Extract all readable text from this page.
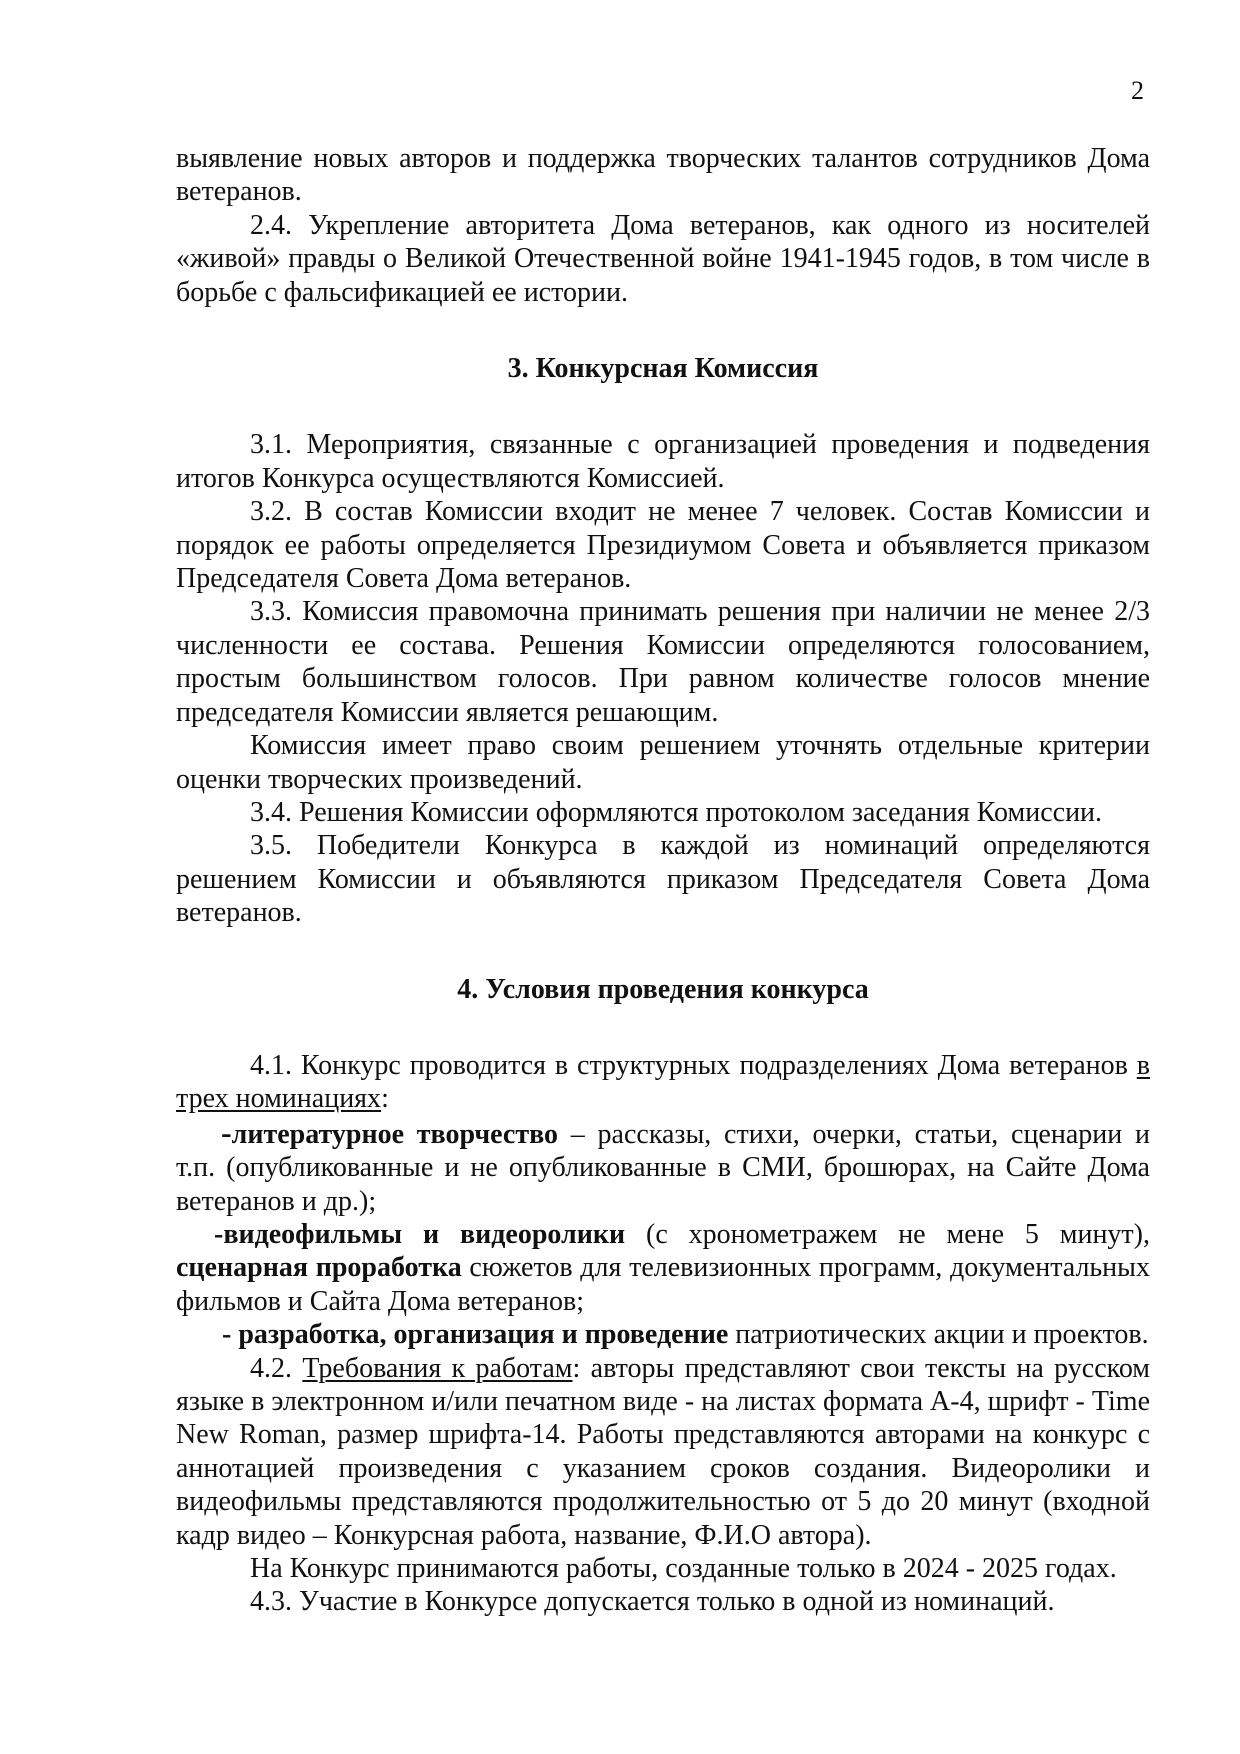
2

выявление новых авторов и поддержка творческих талантов сотрудников Дома ветеранов.

2.4. Укрепление авторитета Дома ветеранов, как одного из носителей «живой» правды о Великой Отечественной войне 1941-1945 годов, в том числе в борьбе с фальсификацией ее истории.

3. Конкурсная Комиссия

3.1. Мероприятия, связанные с организацией проведения и подведения итогов Конкурса осуществляются Комиссией.

3.2. В состав Комиссии входит не менее 7 человек. Состав Комиссии и порядок ее работы определяется Президиумом Совета и объявляется приказом Председателя Совета Дома ветеранов.

3.3. Комиссия правомочна принимать решения при наличии не менее 2/3 численности ее состава. Решения Комиссии определяются голосованием, простым большинством голосов. При равном количестве голосов мнение председателя Комиссии является решающим.

Комиссия имеет право своим решением уточнять отдельные критерии оценки творческих произведений.

3.4. Решения Комиссии оформляются протоколом заседания Комиссии.

3.5. Победители Конкурса в каждой из номинаций определяются решением Комиссии и объявляются приказом Председателя Совета Дома ветеранов.

4. Условия проведения конкурса

4.1. Конкурс проводится в структурных подразделениях Дома ветеранов в трех номинациях:

-литературное творчество – рассказы, стихи, очерки, статьи, сценарии и т.п. (опубликованные и не опубликованные в СМИ, брошюрах, на Сайте Дома ветеранов и др.);

-видеофильмы и видеоролики (с хронометражем не мене 5 минут), сценарная проработка сюжетов для телевизионных программ, документальных фильмов и Сайта Дома ветеранов;

- разработка, организация и проведение патриотических акции и проектов.

4.2. Требования к работам: авторы представляют свои тексты на русском языке в электронном и/или печатном виде - на листах формата А-4, шрифт - Time New Roman, размер шрифта-14. Работы представляются авторами на конкурс с аннотацией произведения с указанием сроков создания. Видеоролики и видеофильмы представляются продолжительностью от 5 до 20 минут (входной кадр видео – Конкурсная работа, название, Ф.И.О автора).

На Конкурс принимаются работы, созданные только в 2024 - 2025 годах.

4.3. Участие в Конкурсе допускается только в одной из номинаций.
